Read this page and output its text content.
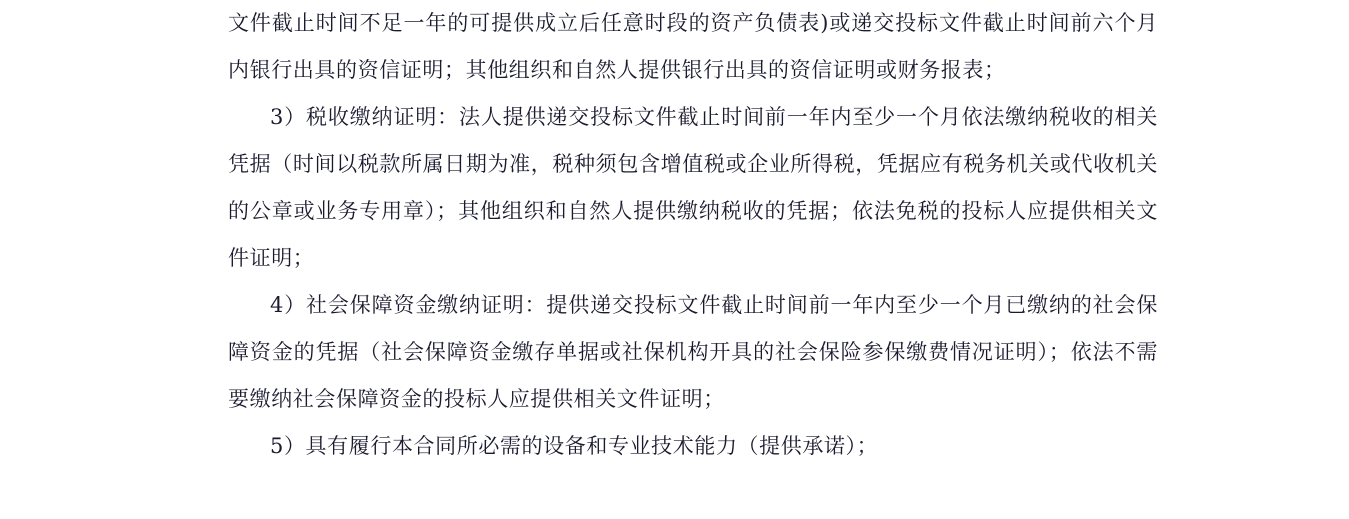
文件截止时间不足一年的可提供成立后任意时段的资产负债表)或递交投标文件截止时间前六个月内银行出具的资信证明；其他组织和自然人提供银行出具的资信证明或财务报表；

3）税收缴纳证明：法人提供递交投标文件截止时间前一年内至少一个月依法缴纳税收的相关凭据（时间以税款所属日期为准，税种须包含增值税或企业所得税，凭据应有税务机关或代收机关的公章或业务专用章）；其他组织和自然人提供缴纳税收的凭据；依法免税的投标人应提供相关文件证明；

4）社会保障资金缴纳证明：提供递交投标文件截止时间前一年内至少一个月已缴纳的社会保障资金的凭据（社会保障资金缴存单据或社保机构开具的社会保险参保缴费情况证明）；依法不需要缴纳社会保障资金的投标人应提供相关文件证明；

5）具有履行本合同所必需的设备和专业技术能力（提供承诺）；
